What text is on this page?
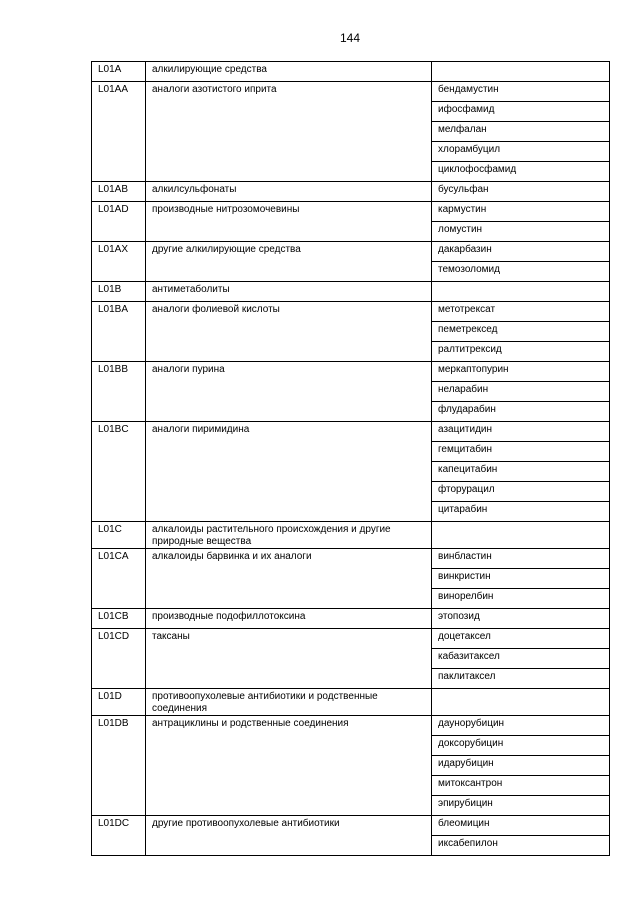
144
L01A	алкилирующие средства	
L01AA	аналоги азотистого иприта	бендамустин
		ифосфамид
		мелфалан
		хлорамбуцил
		циклофосфамид
L01AB	алкилсульфонаты	бусульфан
L01AD	производные нитрозомочевины	кармустин
		ломустин
L01AX	другие алкилирующие средства	дакарбазин
		темозоломид
L01B	антиметаболиты	
L01BA	аналоги фолиевой кислоты	метотрексат
		пеметрексед
		ралтитрексид
L01BB	аналоги пурина	меркаптопурин
		неларабин
		флударабин
L01BC	аналоги пиримидина	азацитидин
		гемцитабин
		капецитабин
		фторурацил
		цитарабин
L01C	алкалоиды растительного происхождения и другие природные вещества	
L01CA	алкалоиды барвинка и их аналоги	винбластин
		винкристин
		винорелбин
L01CB	производные подофиллотоксина	этопозид
L01CD	таксаны	доцетаксел
		кабазитаксел
		паклитаксел
L01D	противоопухолевые антибиотики и родственные соединения	
L01DB	антрациклины и родственные соединения	даунорубицин
		доксорубицин
		идарубицин
		митоксантрон
		эпирубицин
L01DC	другие противоопухолевые антибиотики	блеомицин
		иксабепилон
